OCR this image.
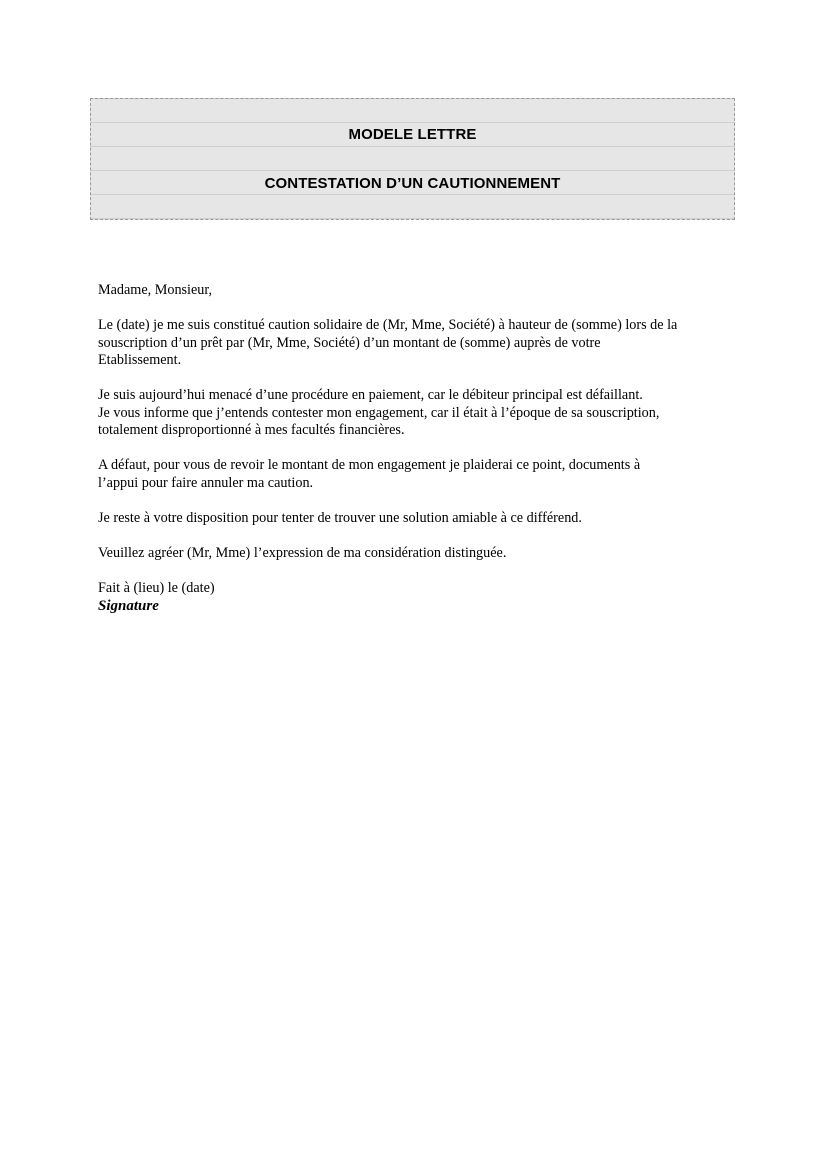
MODELE LETTRE
CONTESTATION D’UN CAUTIONNEMENT

Madame, Monsieur,

Le (date) je me suis constitué caution solidaire de (Mr, Mme, Société) à hauteur de (somme) lors de la
souscription d’un prêt par (Mr, Mme, Société) d’un montant de (somme) auprès de votre
Etablissement.

Je suis aujourd’hui menacé d’une procédure en paiement, car le débiteur principal est défaillant.
Je vous informe que j’entends contester mon engagement, car il était à l’époque de sa souscription,
totalement disproportionné à mes facultés financières.

A défaut, pour vous de revoir le montant de mon engagement je plaiderai ce point, documents à
l’appui pour faire annuler ma caution.

Je reste à votre disposition pour tenter de trouver une solution amiable à ce différend.

Veuillez agréer (Mr, Mme) l’expression de ma considération distinguée.

Fait à (lieu) le (date)

Signature
